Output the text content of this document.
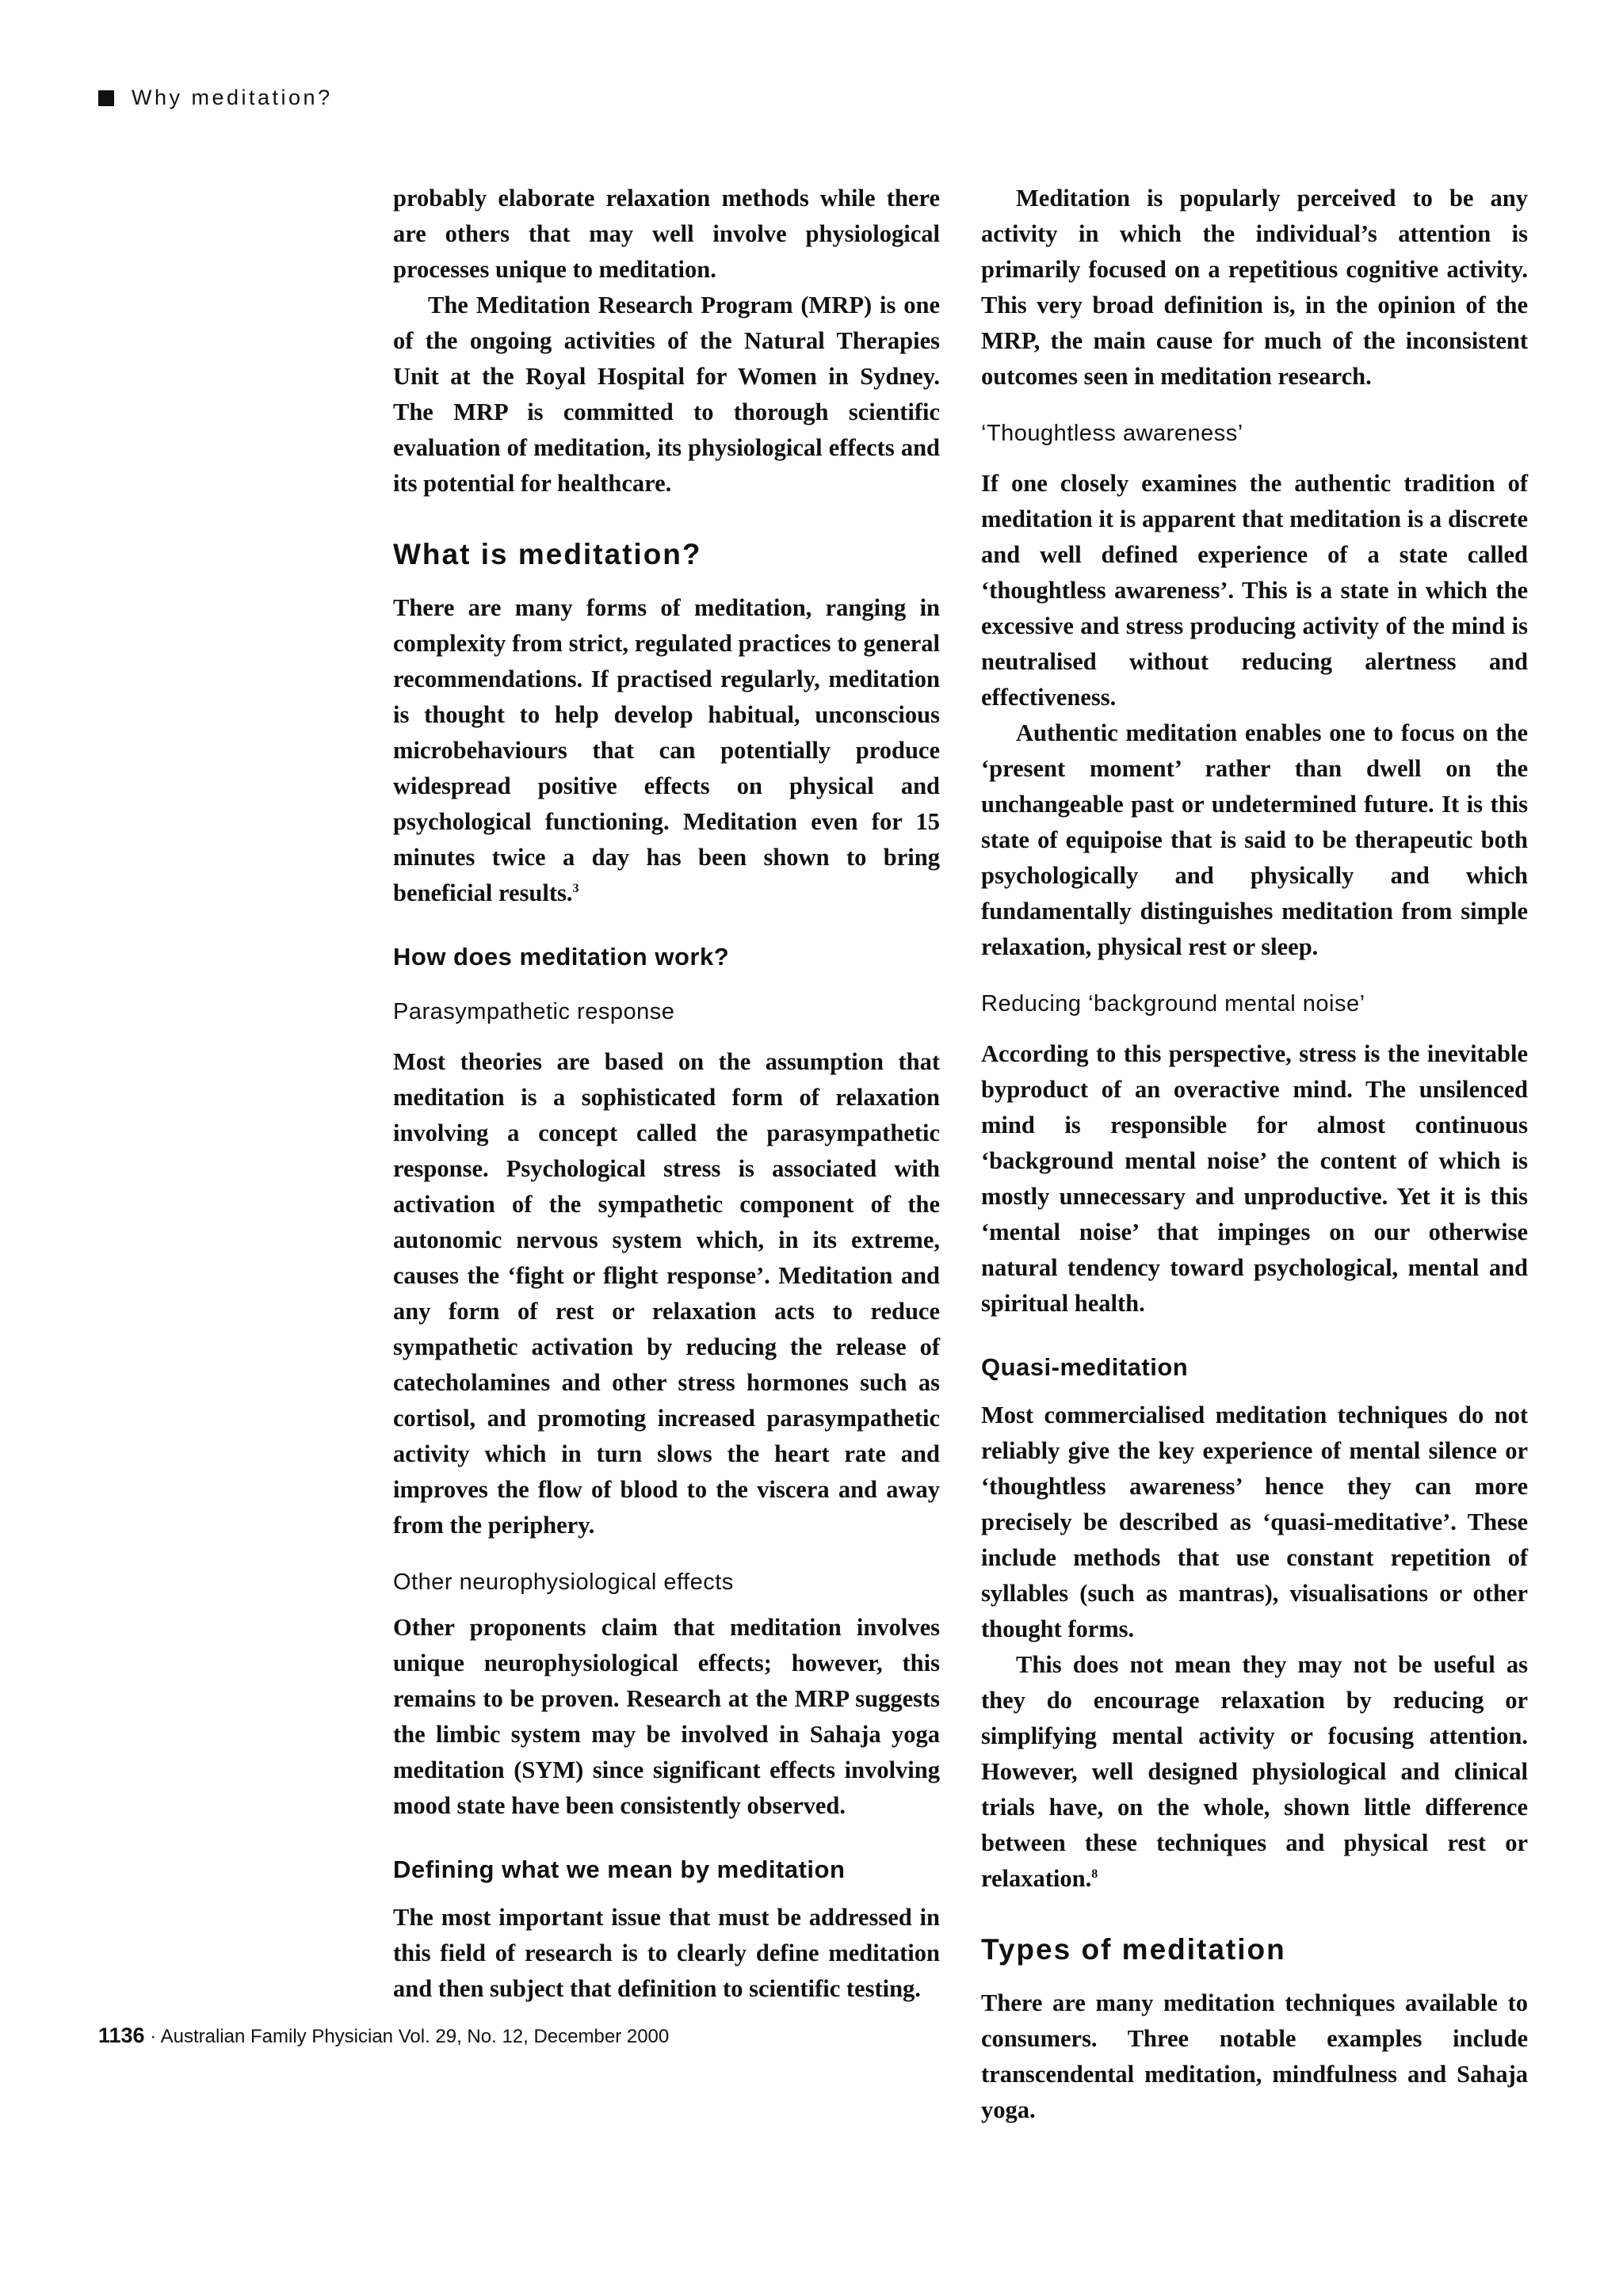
Why meditation?

probably elaborate relaxation methods while there are others that may well involve physiological processes unique to meditation.

The Meditation Research Program (MRP) is one of the ongoing activities of the Natural Therapies Unit at the Royal Hospital for Women in Sydney. The MRP is committed to thorough scientific evaluation of meditation, its physiological effects and its potential for healthcare.

What is meditation?

There are many forms of meditation, ranging in complexity from strict, regulated practices to general recommendations. If practised regularly, meditation is thought to help develop habitual, unconscious microbehaviours that can potentially produce widespread positive effects on physical and psychological functioning. Meditation even for 15 minutes twice a day has been shown to bring beneficial results.$^3$

How does meditation work?
Parasympathetic response

Most theories are based on the assumption that meditation is a sophisticated form of relaxation involving a concept called the parasympathetic response. Psychological stress is associated with activation of the sympathetic component of the autonomic nervous system which, in its extreme, causes the ‘fight or flight response’. Meditation and any form of rest or relaxation acts to reduce sympathetic activation by reducing the release of catecholamines and other stress hormones such as cortisol, and promoting increased parasympathetic activity which in turn slows the heart rate and improves the flow of blood to the viscera and away from the periphery.

Other neurophysiological effects

Other proponents claim that meditation involves unique neurophysiological effects; however, this remains to be proven. Research at the MRP suggests the limbic system may be involved in Sahaja yoga meditation (SYM) since significant effects involving mood state have been consistently observed.

Defining what we mean by meditation

The most important issue that must be addressed in this field of research is to clearly define meditation and then subject that definition to scientific testing.

Meditation is popularly perceived to be any activity in which the individual’s attention is primarily focused on a repetitious cognitive activity. This very broad definition is, in the opinion of the MRP, the main cause for much of the inconsistent outcomes seen in meditation research.

‘Thoughtless awareness’

If one closely examines the authentic tradition of meditation it is apparent that meditation is a discrete and well defined experience of a state called ‘thoughtless awareness’. This is a state in which the excessive and stress producing activity of the mind is neutralised without reducing alertness and effectiveness.

Authentic meditation enables one to focus on the ‘present moment’ rather than dwell on the unchangeable past or undetermined future. It is this state of equipoise that is said to be therapeutic both psychologically and physically and which fundamentally distinguishes meditation from simple relaxation, physical rest or sleep.

Reducing ‘background mental noise’

According to this perspective, stress is the inevitable byproduct of an overactive mind. The unsilenced mind is responsible for almost continuous ‘background mental noise’ the content of which is mostly unnecessary and unproductive. Yet it is this ‘mental noise’ that impinges on our otherwise natural tendency toward psychological, mental and spiritual health.

Quasi-meditation

Most commercialised meditation techniques do not reliably give the key experience of mental silence or ‘thoughtless awareness’ hence they can more precisely be described as ‘quasi-meditative’. These include methods that use constant repetition of syllables (such as mantras), visualisations or other thought forms.

This does not mean they may not be useful as they do encourage relaxation by reducing or simplifying mental activity or focusing attention. However, well designed physiological and clinical trials have, on the whole, shown little difference between these techniques and physical rest or relaxation.$^8$

Types of meditation

There are many meditation techniques available to consumers. Three notable examples include transcendental meditation, mindfulness and Sahaja yoga.

1136 · Australian Family Physician Vol. 29, No. 12, December 2000
